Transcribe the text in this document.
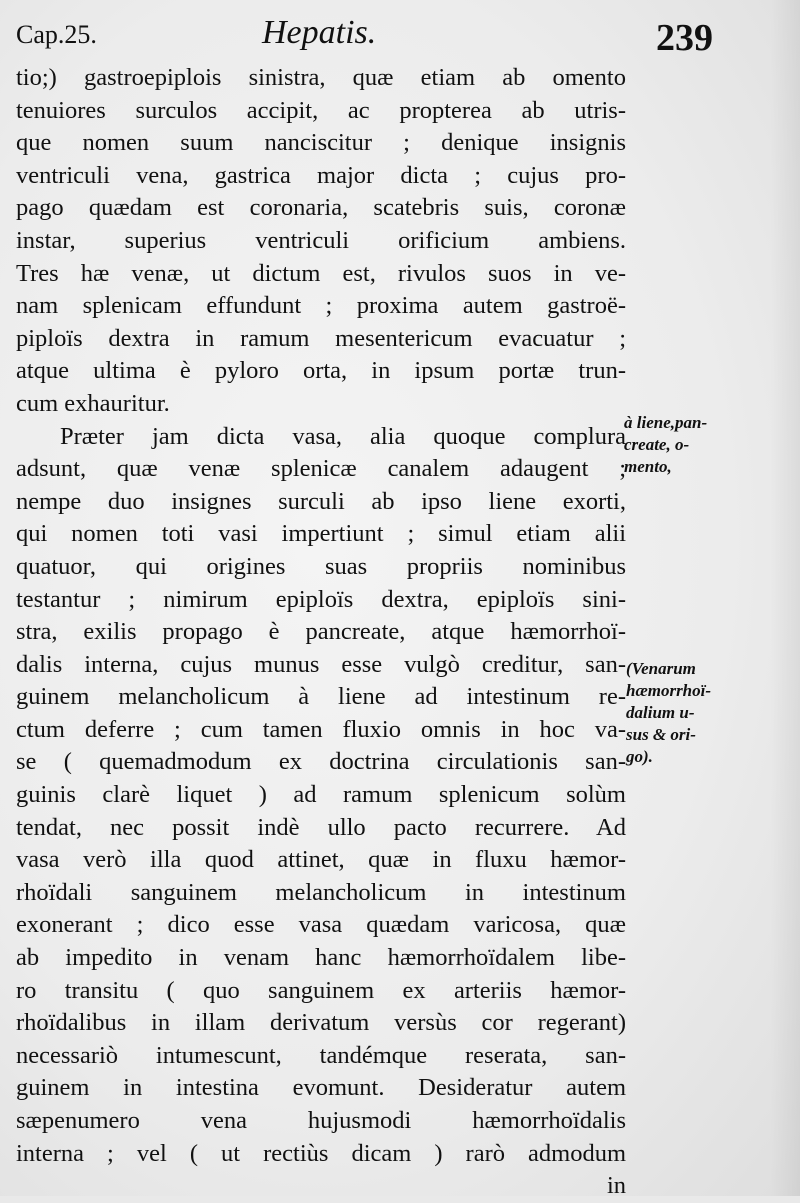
Cap.25.	Hepatis.	239
tio;) gastroepiplois sinistra, quæ etiam ab omento
tenuiores surculos accipit, ac propterea ab utris-
que nomen suum nanciscitur ; denique insignis
ventriculi vena, gastrica major dicta ; cujus pro-
pago quædam est coronaria, scatebris suis, coronæ
instar, superius ventriculi orificium ambiens.
Tres hæ venæ, ut dictum est, rivulos suos in ve-
nam splenicam effundunt ; proxima autem gastroë-
piploïs dextra in ramum mesentericum evacuatur ;
atque ultima è pyloro orta, in ipsum portæ trun-
cum exhauritur.
Præter jam dicta vasa, alia quoque complura
adsunt, quæ venæ splenicæ canalem adaugent ;
nempe duo insignes surculi ab ipso liene exorti,
qui nomen toti vasi impertiunt ; simul etiam alii
quatuor, qui origines suas propriis nominibus
testantur ; nimirum epiploïs dextra, epiploïs sini-
stra, exilis propago è pancreate, atque hæmorrhoï-
dalis interna, cujus munus esse vulgò creditur, san-
guinem melancholicum à liene ad intestinum re-
ctum deferre ; cum tamen fluxio omnis in hoc va-
se ( quemadmodum ex doctrina circulationis san-
guinis clarè liquet ) ad ramum splenicum solùm
tendat, nec possit indè ullo pacto recurrere. Ad
vasa verò illa quod attinet, quæ in fluxu hæmor-
rhoïdali sanguinem melancholicum in intestinum
exonerant ; dico esse vasa quædam varicosa, quæ
ab impedito in venam hanc hæmorrhoïdalem libe-
ro transitu ( quo sanguinem ex arteriis hæmor-
rhoïdalibus in illam derivatum versùs cor regerant)
necessariò intumescunt, tandémque reserata, san-
guinem in intestina evomunt. Desideratur autem
sæpenumero vena hujusmodi hæmorrhoïdalis
interna ; vel ( ut rectiùs dicam ) rarò admodum
in
à liene,pan-
create, o-
mento,
(Venarum
hæmorrhoï-
dalium u-
sus & ori-
go).
